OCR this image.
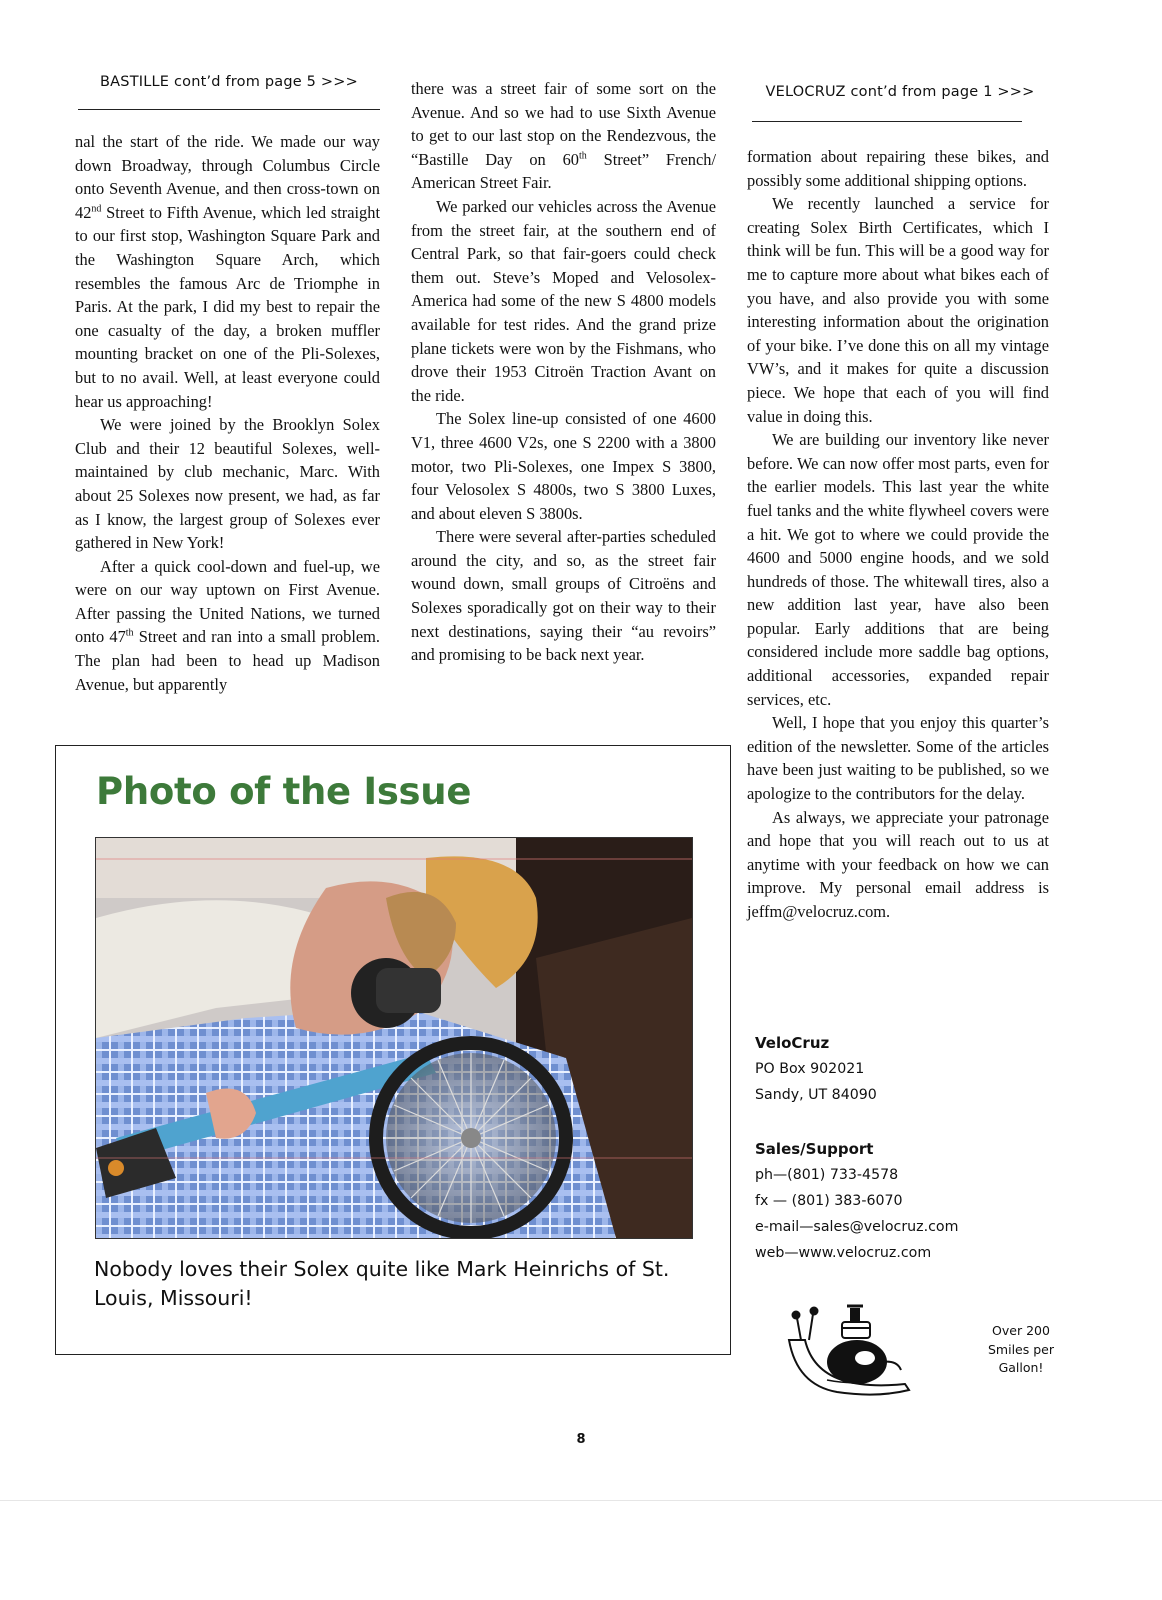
BASTILLE cont’d from page 5 >>>

nal the start of the ride. We made our way down Broadway, through Columbus Circle onto Seventh Avenue, and then cross-town on 42nd Street to Fifth Avenue, which led straight to our first stop, Washington Square Park and the Washington Square Arch, which resembles the famous Arc de Triomphe in Paris. At the park, I did my best to repair the one casualty of the day, a broken muffler mounting bracket on one of the Pli-Solexes, but to no avail. Well, at least everyone could hear us approaching!

We were joined by the Brooklyn Solex Club and their 12 beautiful Solexes, well-maintained by club mechanic, Marc. With about 25 Solexes now present, we had, as far as I know, the largest group of Solexes ever gathered in New York!

After a quick cool-down and fuel-up, we were on our way uptown on First Avenue. After passing the United Nations, we turned onto 47th Street and ran into a small problem. The plan had been to head up Madison Avenue, but apparently

there was a street fair of some sort on the Avenue. And so we had to use Sixth Avenue to get to our last stop on the Rendezvous, the “Bastille Day on 60th Street” French/ American Street Fair.

We parked our vehicles across the Avenue from the street fair, at the southern end of Central Park, so that fair-goers could check them out. Steve’s Moped and Velosolex-America had some of the new S 4800 models available for test rides. And the grand prize plane tickets were won by the Fishmans, who drove their 1953 Citroën Traction Avant on the ride.

The Solex line-up consisted of one 4600 V1, three 4600 V2s, one S 2200 with a 3800 motor, two Pli-Solexes, one Impex S 3800, four Velosolex S 4800s, two S 3800 Luxes, and about eleven S 3800s.

There were several after-parties scheduled around the city, and so, as the street fair wound down, small groups of Citroëns and Solexes sporadically got on their way to their next destinations, saying their “au revoirs” and promising to be back next year.

VELOCRUZ cont’d from page 1 >>>

formation about repairing these bikes, and possibly some additional shipping options.

We recently launched a service for creating Solex Birth Certificates, which I think will be fun. This will be a good way for me to capture more about what bikes each of you have, and also provide you with some interesting information about the origination of your bike. I’ve done this on all my vintage VW’s, and it makes for quite a discussion piece. We hope that each of you will find value in doing this.

We are building our inventory like never before. We can now offer most parts, even for the earlier models. This last year the white fuel tanks and the white flywheel covers were a hit. We got to where we could provide the 4600 and 5000 engine hoods, and we sold hundreds of those. The whitewall tires, also a new addition last year, have also been popular. Early additions that are being considered include more saddle bag options, additional accessories, expanded repair services, etc.

Well, I hope that you enjoy this quarter’s edition of the newsletter. Some of the articles have been just waiting to be published, so we apologize to the contributors for the delay.

As always, we appreciate your patronage and hope that you will reach out to us at anytime with your feedback on how we can improve. My personal email address is jeffm@velocruz.com.

Photo of the Issue
Nobody loves their Solex quite like Mark Heinrichs of St. Louis, Missouri!
VeloCruz
PO Box 902021
Sandy, UT 84090
Sales/Support
ph—(801) 733-4578
fx — (801) 383-6070
e-mail—sales@velocruz.com
web—www.velocruz.com
Over 200 Smiles per Gallon!
8
